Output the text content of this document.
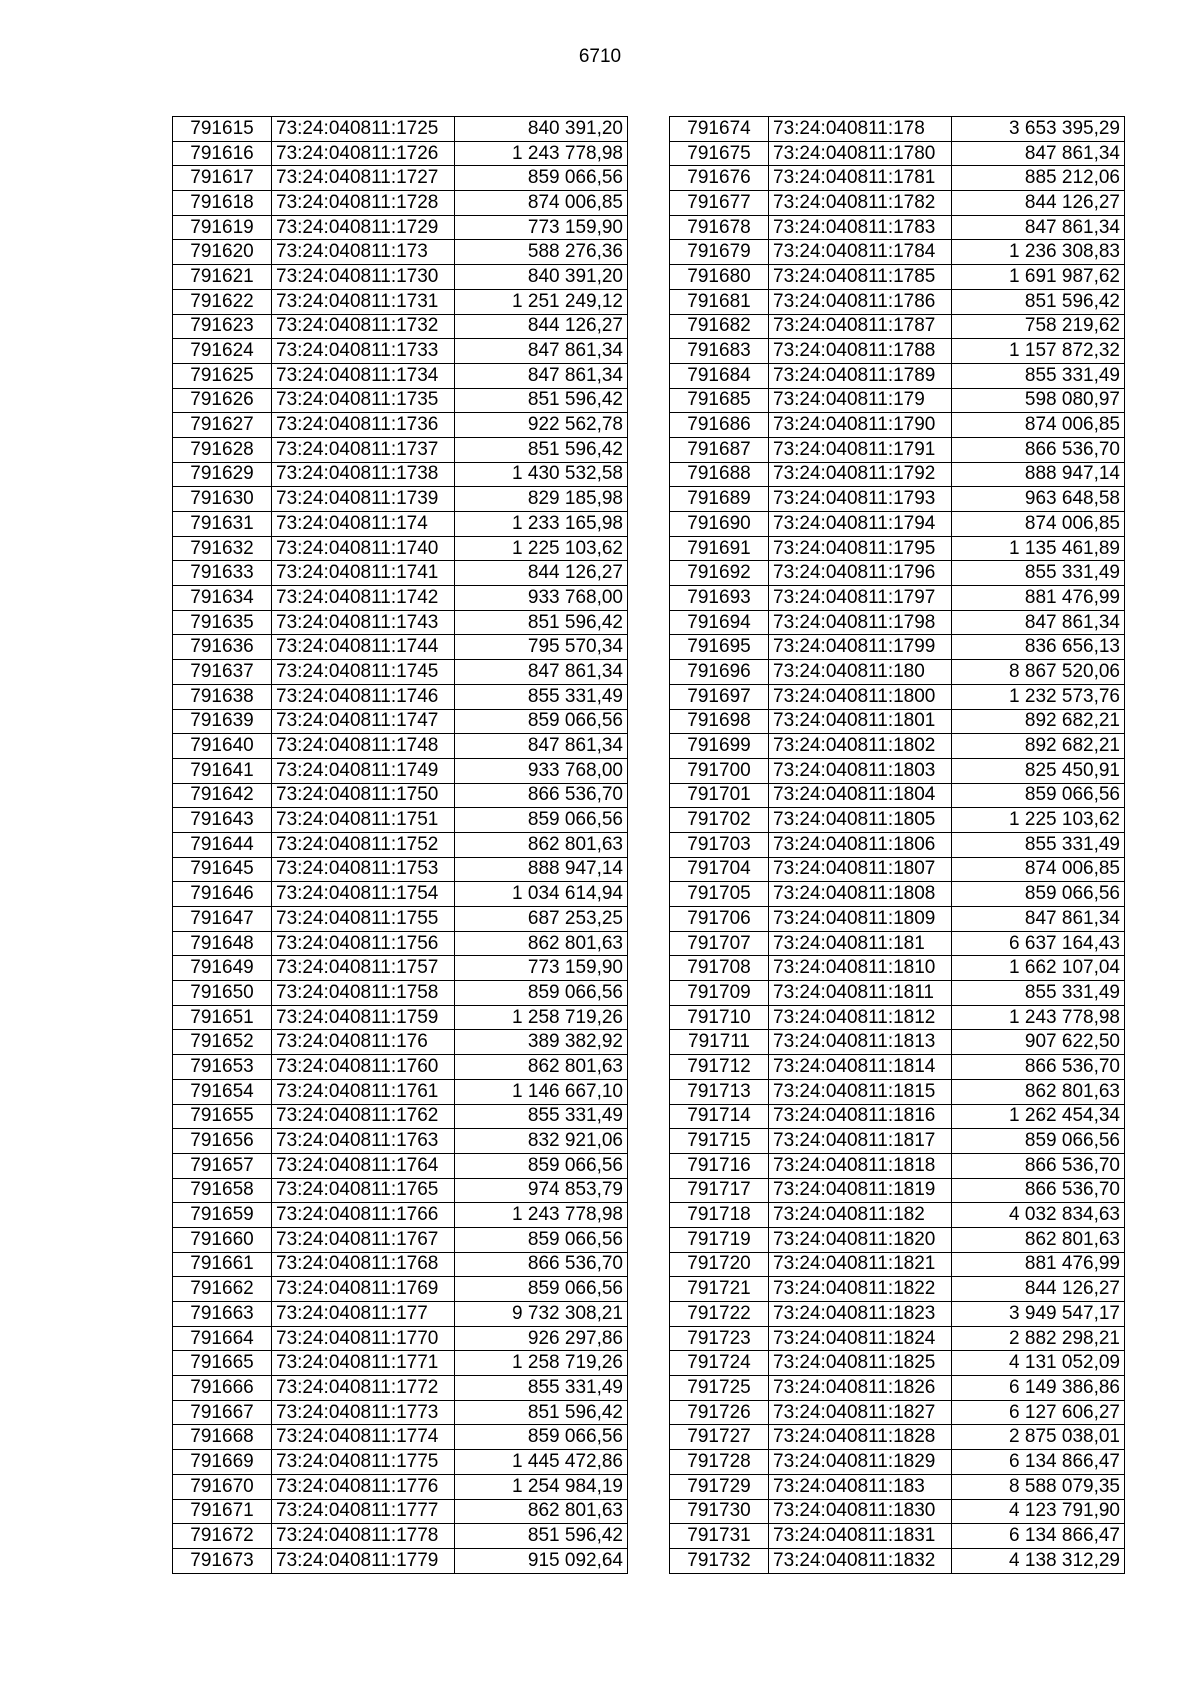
6710
791615	73:24:040811:1725	840 391,20
791616	73:24:040811:1726	1 243 778,98
791617	73:24:040811:1727	859 066,56
791618	73:24:040811:1728	874 006,85
791619	73:24:040811:1729	773 159,90
791620	73:24:040811:173	588 276,36
791621	73:24:040811:1730	840 391,20
791622	73:24:040811:1731	1 251 249,12
791623	73:24:040811:1732	844 126,27
791624	73:24:040811:1733	847 861,34
791625	73:24:040811:1734	847 861,34
791626	73:24:040811:1735	851 596,42
791627	73:24:040811:1736	922 562,78
791628	73:24:040811:1737	851 596,42
791629	73:24:040811:1738	1 430 532,58
791630	73:24:040811:1739	829 185,98
791631	73:24:040811:174	1 233 165,98
791632	73:24:040811:1740	1 225 103,62
791633	73:24:040811:1741	844 126,27
791634	73:24:040811:1742	933 768,00
791635	73:24:040811:1743	851 596,42
791636	73:24:040811:1744	795 570,34
791637	73:24:040811:1745	847 861,34
791638	73:24:040811:1746	855 331,49
791639	73:24:040811:1747	859 066,56
791640	73:24:040811:1748	847 861,34
791641	73:24:040811:1749	933 768,00
791642	73:24:040811:1750	866 536,70
791643	73:24:040811:1751	859 066,56
791644	73:24:040811:1752	862 801,63
791645	73:24:040811:1753	888 947,14
791646	73:24:040811:1754	1 034 614,94
791647	73:24:040811:1755	687 253,25
791648	73:24:040811:1756	862 801,63
791649	73:24:040811:1757	773 159,90
791650	73:24:040811:1758	859 066,56
791651	73:24:040811:1759	1 258 719,26
791652	73:24:040811:176	389 382,92
791653	73:24:040811:1760	862 801,63
791654	73:24:040811:1761	1 146 667,10
791655	73:24:040811:1762	855 331,49
791656	73:24:040811:1763	832 921,06
791657	73:24:040811:1764	859 066,56
791658	73:24:040811:1765	974 853,79
791659	73:24:040811:1766	1 243 778,98
791660	73:24:040811:1767	859 066,56
791661	73:24:040811:1768	866 536,70
791662	73:24:040811:1769	859 066,56
791663	73:24:040811:177	9 732 308,21
791664	73:24:040811:1770	926 297,86
791665	73:24:040811:1771	1 258 719,26
791666	73:24:040811:1772	855 331,49
791667	73:24:040811:1773	851 596,42
791668	73:24:040811:1774	859 066,56
791669	73:24:040811:1775	1 445 472,86
791670	73:24:040811:1776	1 254 984,19
791671	73:24:040811:1777	862 801,63
791672	73:24:040811:1778	851 596,42
791673	73:24:040811:1779	915 092,64
791674	73:24:040811:178	3 653 395,29
791675	73:24:040811:1780	847 861,34
791676	73:24:040811:1781	885 212,06
791677	73:24:040811:1782	844 126,27
791678	73:24:040811:1783	847 861,34
791679	73:24:040811:1784	1 236 308,83
791680	73:24:040811:1785	1 691 987,62
791681	73:24:040811:1786	851 596,42
791682	73:24:040811:1787	758 219,62
791683	73:24:040811:1788	1 157 872,32
791684	73:24:040811:1789	855 331,49
791685	73:24:040811:179	598 080,97
791686	73:24:040811:1790	874 006,85
791687	73:24:040811:1791	866 536,70
791688	73:24:040811:1792	888 947,14
791689	73:24:040811:1793	963 648,58
791690	73:24:040811:1794	874 006,85
791691	73:24:040811:1795	1 135 461,89
791692	73:24:040811:1796	855 331,49
791693	73:24:040811:1797	881 476,99
791694	73:24:040811:1798	847 861,34
791695	73:24:040811:1799	836 656,13
791696	73:24:040811:180	8 867 520,06
791697	73:24:040811:1800	1 232 573,76
791698	73:24:040811:1801	892 682,21
791699	73:24:040811:1802	892 682,21
791700	73:24:040811:1803	825 450,91
791701	73:24:040811:1804	859 066,56
791702	73:24:040811:1805	1 225 103,62
791703	73:24:040811:1806	855 331,49
791704	73:24:040811:1807	874 006,85
791705	73:24:040811:1808	859 066,56
791706	73:24:040811:1809	847 861,34
791707	73:24:040811:181	6 637 164,43
791708	73:24:040811:1810	1 662 107,04
791709	73:24:040811:1811	855 331,49
791710	73:24:040811:1812	1 243 778,98
791711	73:24:040811:1813	907 622,50
791712	73:24:040811:1814	866 536,70
791713	73:24:040811:1815	862 801,63
791714	73:24:040811:1816	1 262 454,34
791715	73:24:040811:1817	859 066,56
791716	73:24:040811:1818	866 536,70
791717	73:24:040811:1819	866 536,70
791718	73:24:040811:182	4 032 834,63
791719	73:24:040811:1820	862 801,63
791720	73:24:040811:1821	881 476,99
791721	73:24:040811:1822	844 126,27
791722	73:24:040811:1823	3 949 547,17
791723	73:24:040811:1824	2 882 298,21
791724	73:24:040811:1825	4 131 052,09
791725	73:24:040811:1826	6 149 386,86
791726	73:24:040811:1827	6 127 606,27
791727	73:24:040811:1828	2 875 038,01
791728	73:24:040811:1829	6 134 866,47
791729	73:24:040811:183	8 588 079,35
791730	73:24:040811:1830	4 123 791,90
791731	73:24:040811:1831	6 134 866,47
791732	73:24:040811:1832	4 138 312,29
